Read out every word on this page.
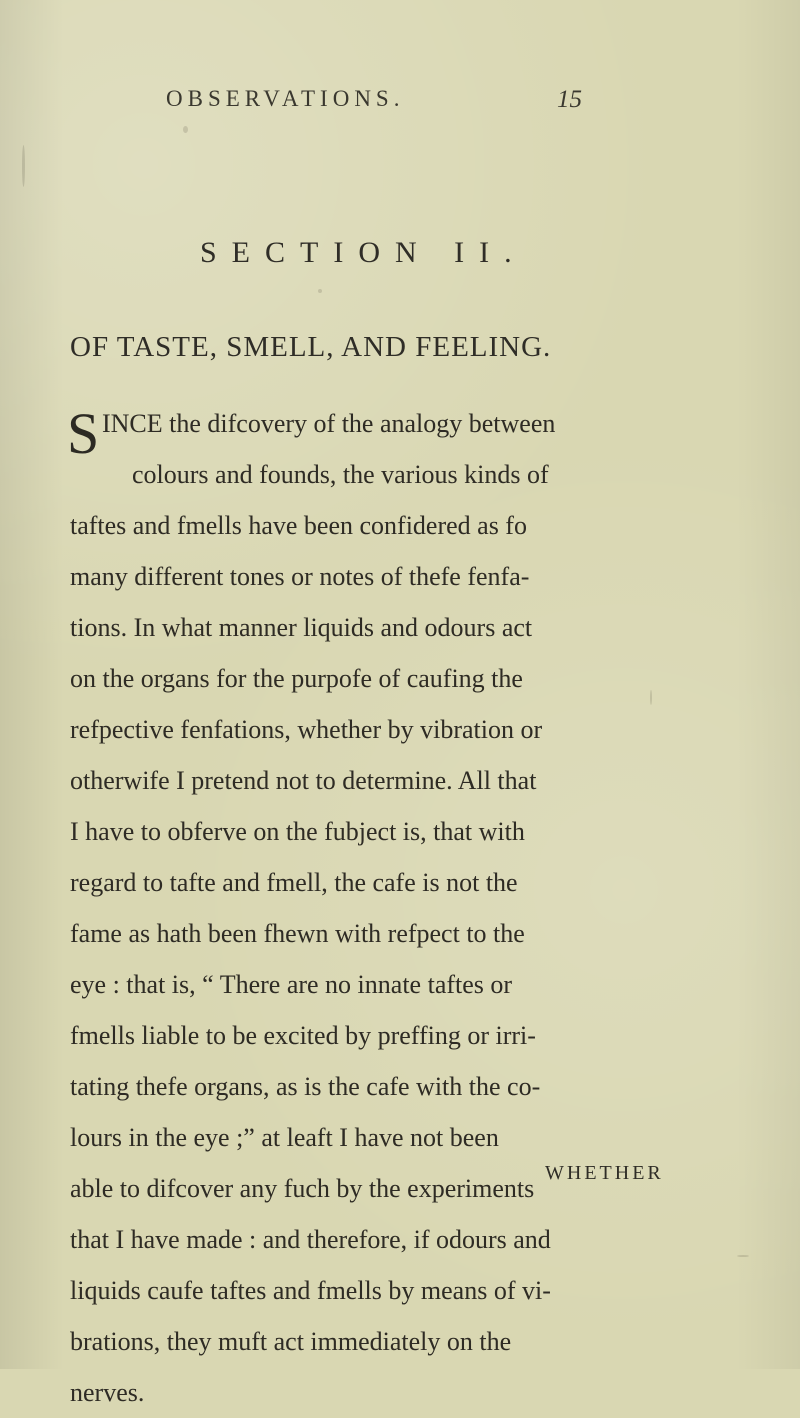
OBSERVATIONS.	15
SECTION II.
OF TASTE, SMELL, AND FEELING.
S INCE the difcovery of the analogy between
colours and founds, the various kinds of
taftes and fmells have been confidered as fo
many different tones or notes of thefe fenfa-
tions. In what manner liquids and odours act
on the organs for the purpofe of caufing the
refpective fenfations, whether by vibration or
otherwife I pretend not to determine. All that
I have to obferve on the fubject is, that with
regard to tafte and fmell, the cafe is not the
fame as hath been fhewn with refpect to the
eye : that is, “ There are no innate taftes or
fmells liable to be excited by preffing or irri-
tating thefe organs, as is the cafe with the co-
lours in the eye ;” at leaft I have not been
able to difcover any fuch by the experiments
that I have made : and therefore, if odours and
liquids caufe taftes and fmells by means of vi-
brations, they muft act immediately on the
nerves.
WHETHER
